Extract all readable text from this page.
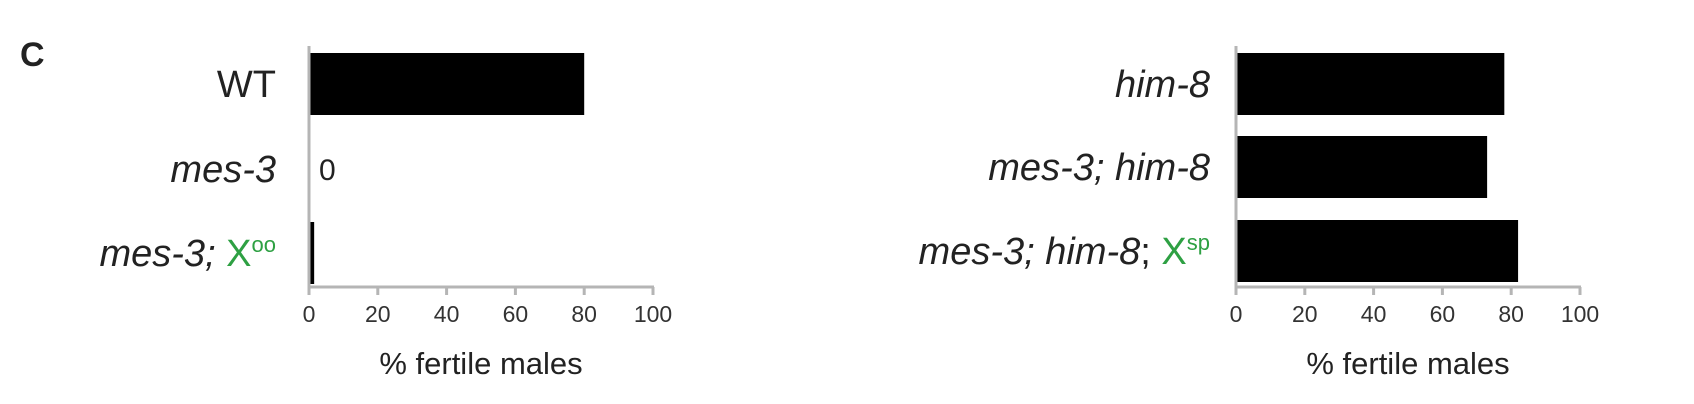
C
0 20 40 60 80 100
% fertile males
WT
mes-3
mes-3; $X^{oo}$
0
0 20 40 60 80 100
% fertile males
him-8
mes-3; him-8
mes-3; him-8; $X^{sp}$
